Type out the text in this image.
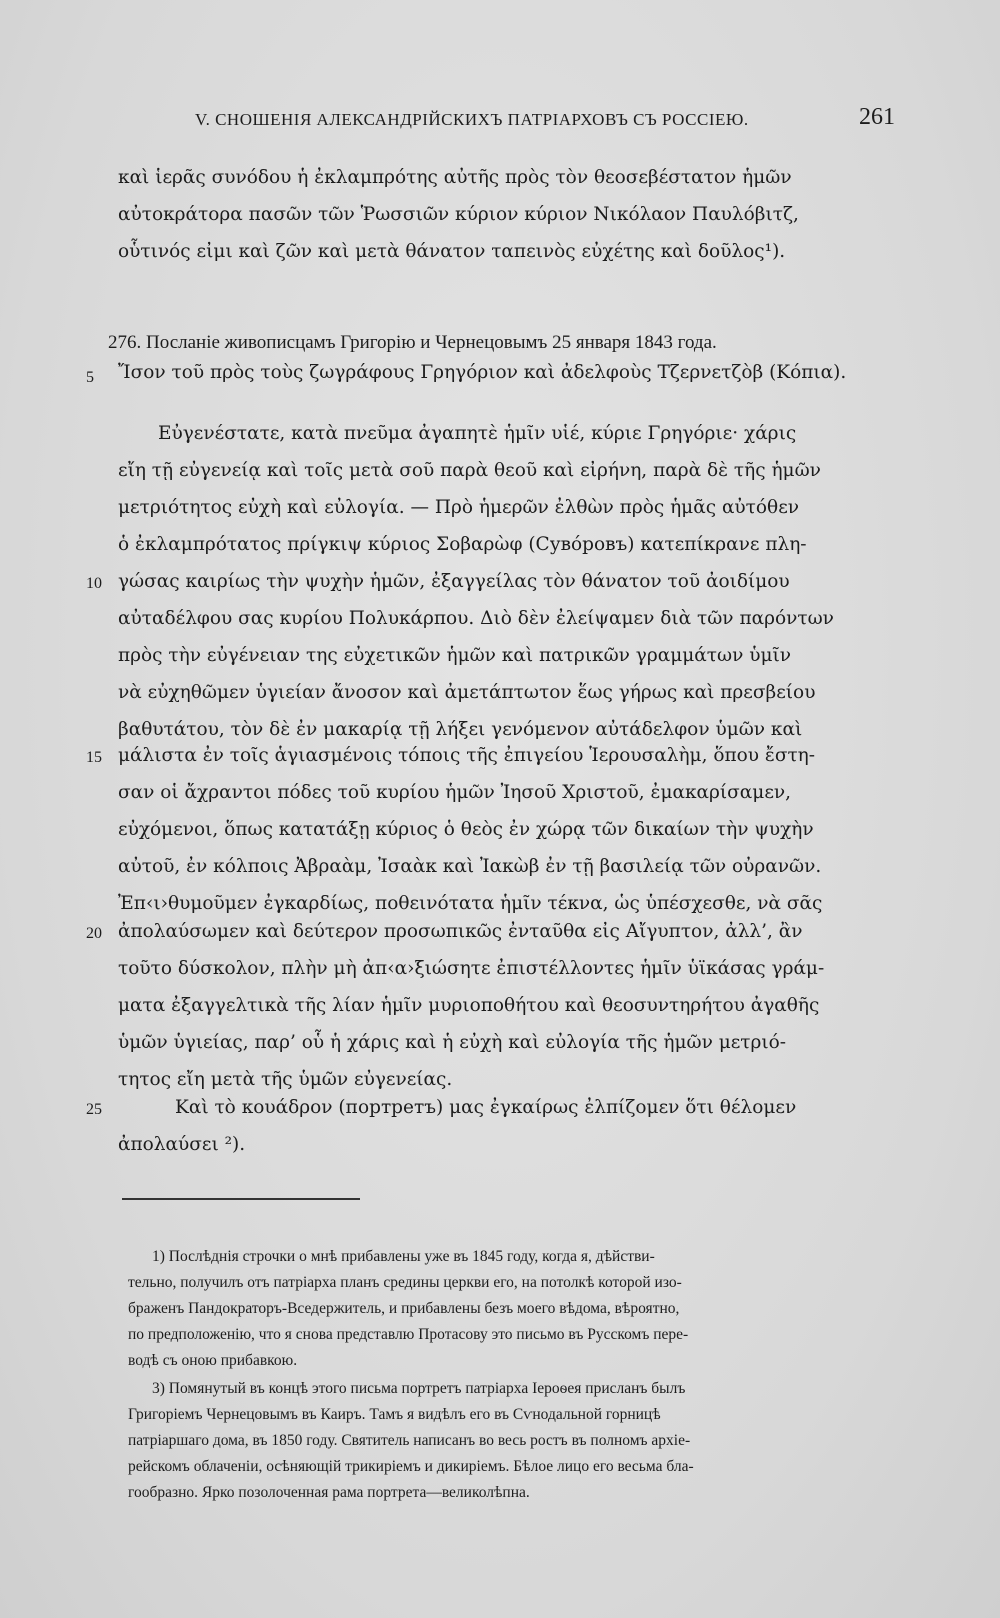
V. СНОШЕНІЯ АЛЕКСАНДРІЙСКИХЪ ПАТРІАРХОВЪ СЪ РОССІЕЮ.	261
καὶ ἱερᾶς συνόδου ἡ ἐκλαμπρότης αὐτῆς πρὸς τὸν θεοσεβέστατον ἡμῶν
αὐτοκράτορα πασῶν τῶν Ῥωσσιῶν κύριον κύριον Νικόλαον Παυλόβιτζ,
οὗτινός εἰμι καὶ ζῶν καὶ μετὰ θάνατον ταπεινὸς εὐχέτης καὶ δοῦλος¹).
276. Посланіе живописцамъ Григорію и Чернецовымъ 25 января 1843 года.
5	Ἴσον τοῦ πρὸς τοὺς ζωγράφους Γρηγόριον καὶ ἀδελφοὺς Τζερνετζὸβ (Κόπια).
Εὐγενέστατε, κατὰ πνεῦμα ἀγαπητὲ ἡμῖν υἱέ, κύριε Γρηγόριε· χάρις
εἴη τῇ εὐγενείᾳ καὶ τοῖς μετὰ σοῦ παρὰ θεοῦ καὶ εἰρήνη, παρὰ δὲ τῆς ἡμῶν
μετριότητος εὐχὴ καὶ εὐλογία. — Πρὸ ἡμερῶν ἐλθὼν πρὸς ἡμᾶς αὐτόθεν
ὁ ἐκλαμπρότατος πρίγκιψ κύριος Σοβαρὼφ (Сувóровъ) κατεπίκρανε πλη-
10 γώσας καιρίως τὴν ψυχὴν ἡμῶν, ἐξαγγείλας τὸν θάνατον τοῦ ἀοιδίμου
αὐταδέλφου σας κυρίου Πολυκάρπου. Διὸ δὲν ἐλείψαμεν διὰ τῶν παρόντων
πρὸς τὴν εὐγένειαν της εὐχετικῶν ἡμῶν καὶ πατρικῶν γραμμάτων ὑμῖν
νὰ εὐχηθῶμεν ὑγιείαν ἄνοσον καὶ ἀμετάπτωτον ἕως γήρως καὶ πρεσβείου
βαθυτάτου, τὸν δὲ ἐν μακαρίᾳ τῇ λήξει γενόμενον αὐτάδελφον ὑμῶν καὶ
15 μάλιστα ἐν τοῖς ἁγιασμένοις τόποις τῆς ἐπιγείου Ἱερουσαλὴμ, ὅπου ἔστη-
σαν οἱ ἄχραντοι πόδες τοῦ κυρίου ἡμῶν Ἰησοῦ Χριστοῦ, ἐμακαρίσαμεν,
εὐχόμενοι, ὅπως κατατάξῃ κύριος ὁ θεὸς ἐν χώρᾳ τῶν δικαίων τὴν ψυχὴν
αὐτοῦ, ἐν κόλποις Ἀβραὰμ, Ἰσαὰκ καὶ Ἰακὼβ ἐν τῇ βασιλείᾳ τῶν οὐρανῶν.
Ἐπ‹ι›θυμοῦμεν ἐγκαρδίως, ποθεινότατα ἡμῖν τέκνα, ὡς ὑπέσχεσθε, νὰ σᾶς
20 ἀπολαύσωμεν καὶ δεύτερον προσωπικῶς ἐνταῦθα εἰς Αἴγυπτον, ἀλλ’, ἂν
τοῦτο δύσκολον, πλὴν μὴ ἀπ‹α›ξιώσητε ἐπιστέλλοντες ἡμῖν ὑϊκάσας γράμ-
ματα ἐξαγγελτικὰ τῆς λίαν ἡμῖν μυριοποθήτου καὶ θεοσυντηρήτου ἀγαθῆς
ὑμῶν ὑγιείας, παρ’ οὗ ἡ χάρις καὶ ἡ εὐχὴ καὶ εὐλογία τῆς ἡμῶν μετριό-
τητος εἴη μετὰ τῆς ὑμῶν εὐγενείας.
25	Καὶ τὸ κουάδρον (портретъ) μας ἐγκαίρως ἐλπίζομεν ὅτι θέλομεν
ἀπολαύσει ²).
1) Послѣднія строчки о мнѣ прибавлены уже въ 1845 году, когда я, дѣйстви-
тельно, получилъ отъ патріарха планъ средины церкви его, на потолкѣ которой изо-
браженъ Пандократоръ-Вседержитель, и прибавлены безъ моего вѣдома, вѣроятно,
по предположенію, что я снова представлю Протасову это письмо въ Русскомъ пере-
водѣ съ оною прибавкою.
3) Помянутый въ концѣ этого письма портретъ патріарха Іероѳея присланъ былъ
Григоріемъ Чернецовымъ въ Каиръ. Тамъ я видѣлъ его въ Сѵнодальной горницѣ
патріаршаго дома, въ 1850 году. Святитель написанъ во весь ростъ въ полномъ архіе-
рейскомъ облаченіи, осѣняющій трикиріемъ и дикиріемъ. Бѣлое лицо его весьма бла-
гообразно. Ярко позолоченная рама портрета—великолѣпна.
